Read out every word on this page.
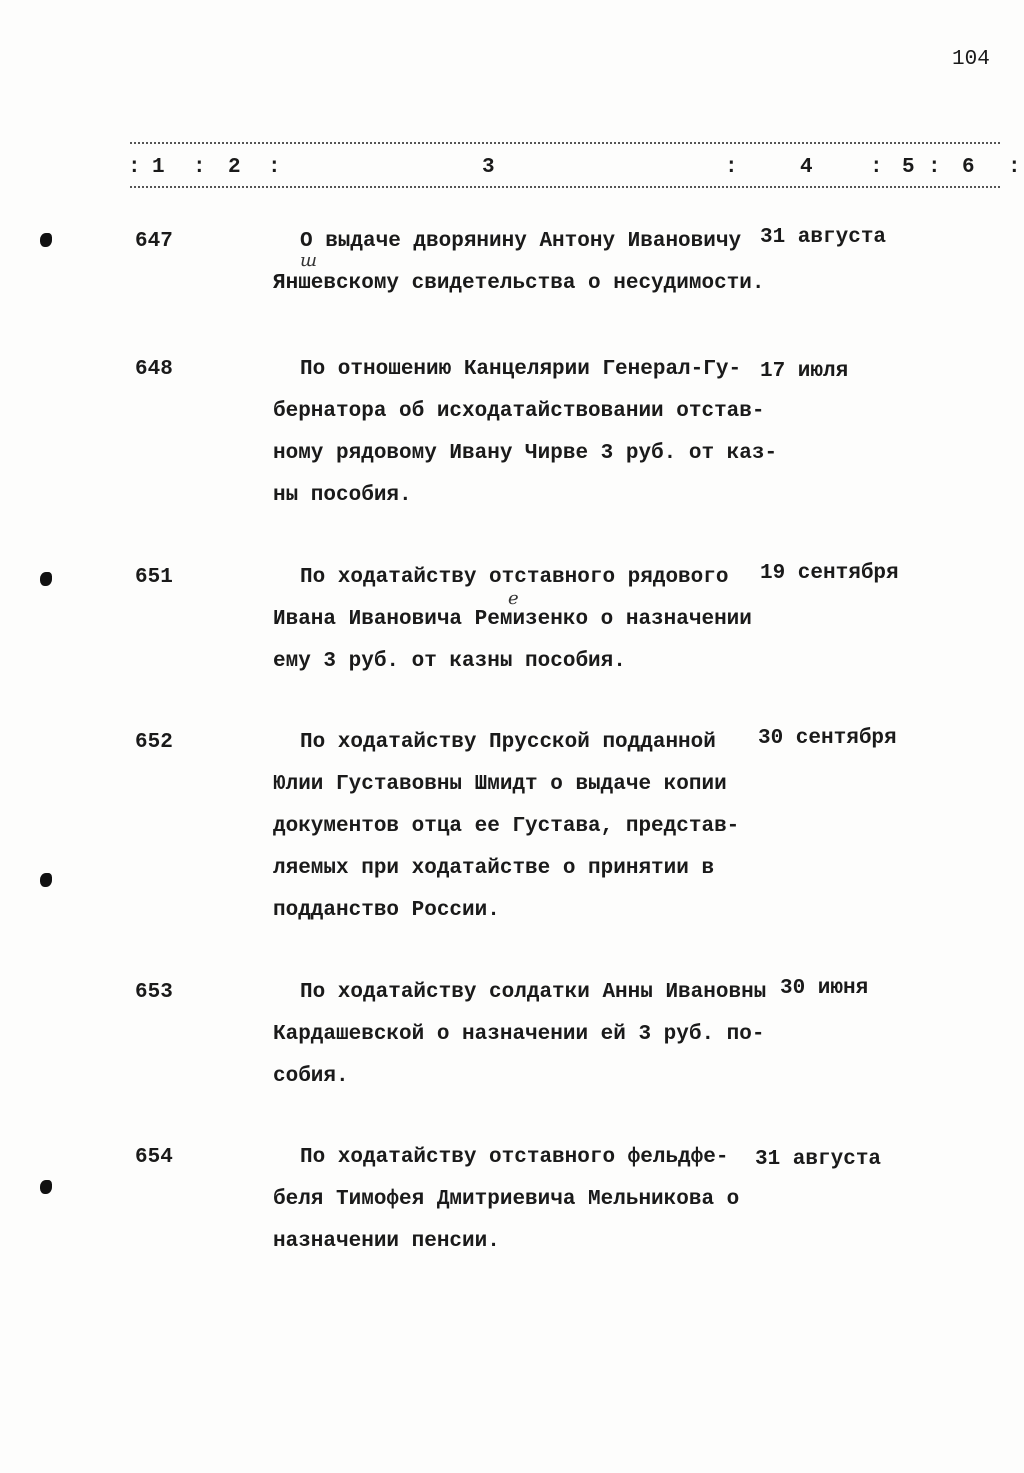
104
: 1 : 2 :	3	:	4	: 5 : 6 :
647	О выдаче дворянину Антону Ивановичу
Яншевскому свидетельства о несудимости.
ш
31 августа
648	По отношению Канцелярии Генерал-Гу-
бернатора об исходатайствовании отстав-
ному рядовому Ивану Чирве 3 руб. от каз-
ны пособия.
17 июля
651	По ходатайству отставного рядового
Ивана Ивановича Ремизенко о назначении
ему 3 руб. от казны пособия.
е
19 сентября
652	По ходатайству Прусской подданной
Юлии Густавовны Шмидт о выдаче копии
документов отца ее Густава, представ-
ляемых при ходатайстве о принятии в
подданство России.
30 сентября
653	По ходатайству солдатки Анны Ивановны
Кардашевской о назначении ей 3 руб. по-
собия.
30 июня
654	По ходатайству отставного фельдфе-
беля Тимофея Дмитриевича Мельникова о
назначении пенсии.
31 августа
